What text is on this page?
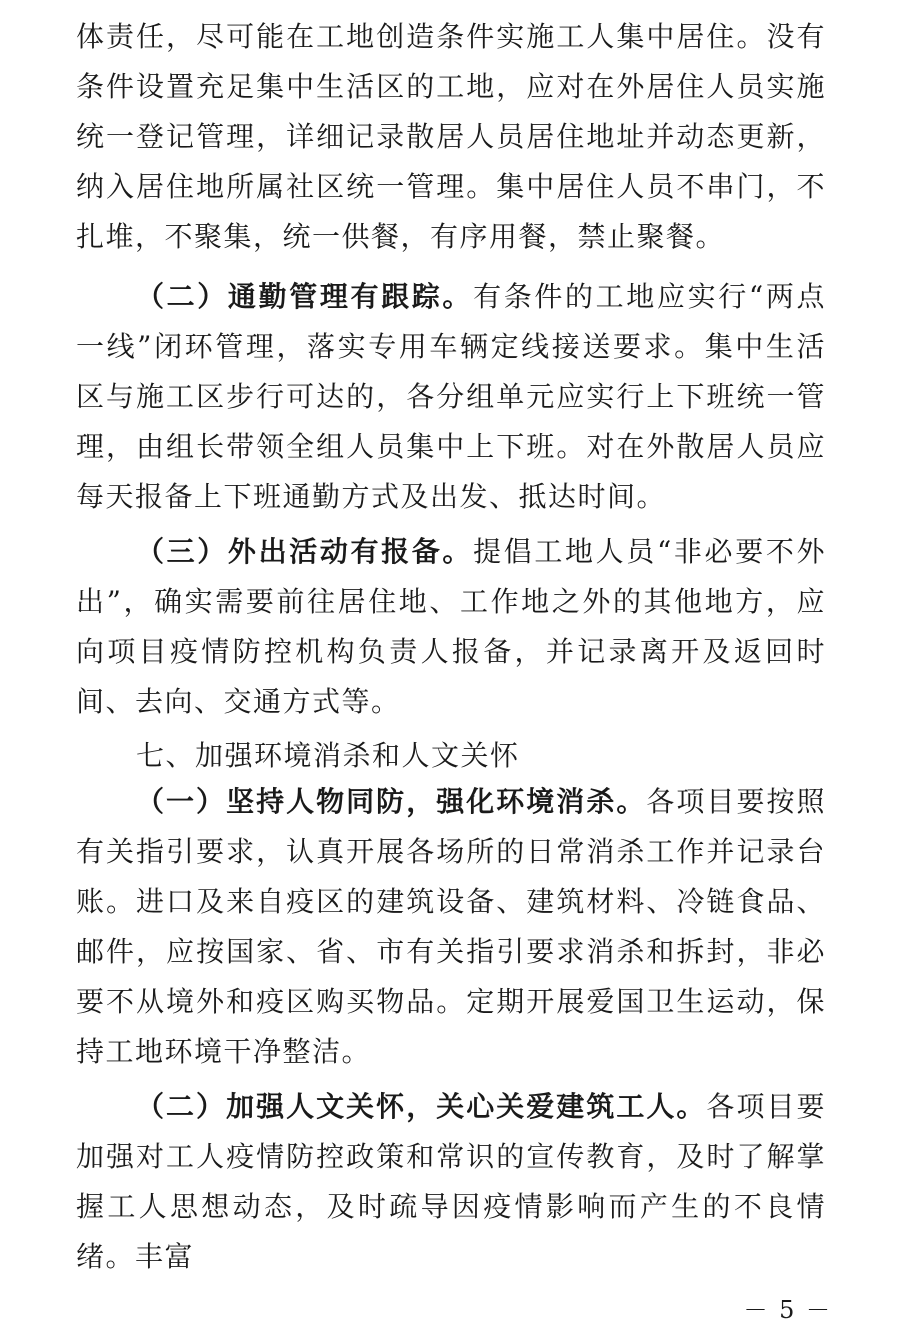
体责任，尽可能在工地创造条件实施工人集中居住。没有条件设置充足集中生活区的工地，应对在外居住人员实施统一登记管理，详细记录散居人员居住地址并动态更新，纳入居住地所属社区统一管理。集中居住人员不串门，不扎堆，不聚集，统一供餐，有序用餐，禁止聚餐。

（二）通勤管理有跟踪。有条件的工地应实行“两点一线”闭环管理，落实专用车辆定线接送要求。集中生活区与施工区步行可达的，各分组单元应实行上下班统一管理，由组长带领全组人员集中上下班。对在外散居人员应每天报备上下班通勤方式及出发、抵达时间。

（三）外出活动有报备。提倡工地人员“非必要不外出”，确实需要前往居住地、工作地之外的其他地方，应向项目疫情防控机构负责人报备，并记录离开及返回时间、去向、交通方式等。

七、加强环境消杀和人文关怀

（一）坚持人物同防，强化环境消杀。各项目要按照有关指引要求，认真开展各场所的日常消杀工作并记录台账。进口及来自疫区的建筑设备、建筑材料、冷链食品、邮件，应按国家、省、市有关指引要求消杀和拆封，非必要不从境外和疫区购买物品。定期开展爱国卫生运动，保持工地环境干净整洁。

（二）加强人文关怀，关心关爱建筑工人。各项目要加强对工人疫情防控政策和常识的宣传教育，及时了解掌握工人思想动态，及时疏导因疫情影响而产生的不良情绪。丰富

－ 5 －
